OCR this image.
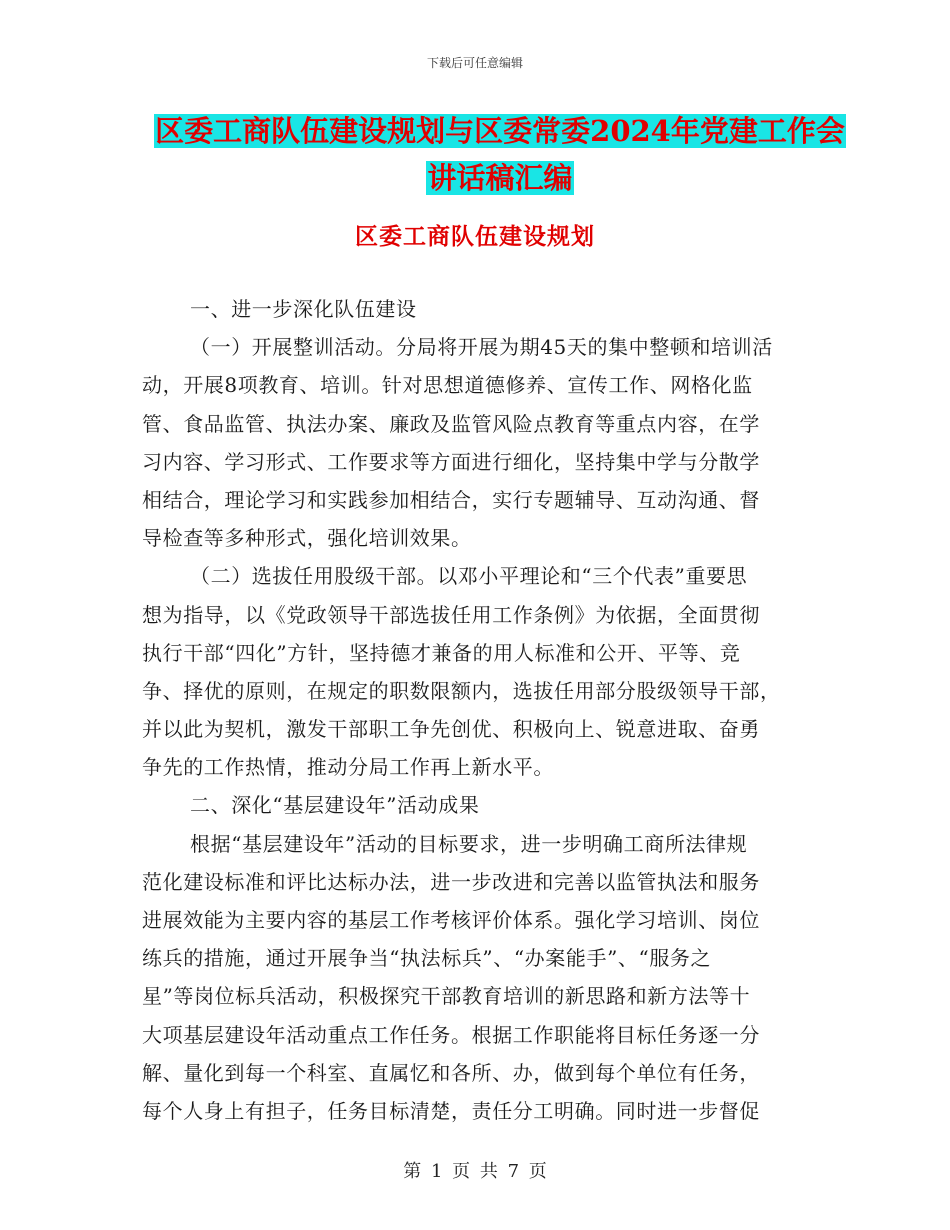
下载后可任意编辑
区委工商队伍建设规划与区委常委2024年党建工作会
讲话稿汇编
区委工商队伍建设规划
一、进一步深化队伍建设
（一）开展整训活动。分局将开展为期45天的集中整顿和培训活
动，开展8项教育、培训。针对思想道德修养、宣传工作、网格化监
管、食品监管、执法办案、廉政及监管风险点教育等重点内容，在学
习内容、学习形式、工作要求等方面进行细化，坚持集中学与分散学
相结合，理论学习和实践参加相结合，实行专题辅导、互动沟通、督
导检查等多种形式，强化培训效果。
（二）选拔任用股级干部。以邓小平理论和“三个代表”重要思
想为指导，以《党政领导干部选拔任用工作条例》为依据，全面贯彻
执行干部“四化”方针，坚持德才兼备的用人标准和公开、平等、竞
争、择优的原则，在规定的职数限额内，选拔任用部分股级领导干部，
并以此为契机，激发干部职工争先创优、积极向上、锐意进取、奋勇
争先的工作热情，推动分局工作再上新水平。
二、深化“基层建设年”活动成果
根据“基层建设年”活动的目标要求，进一步明确工商所法律规
范化建设标准和评比达标办法，进一步改进和完善以监管执法和服务
进展效能为主要内容的基层工作考核评价体系。强化学习培训、岗位
练兵的措施，通过开展争当“执法标兵”、“办案能手”、“服务之
星”等岗位标兵活动，积极探究干部教育培训的新思路和新方法等十
大项基层建设年活动重点工作任务。根据工作职能将目标任务逐一分
解、量化到每一个科室、直属忆和各所、办，做到每个单位有任务，
每个人身上有担子，任务目标清楚，责任分工明确。同时进一步督促
第 1 页 共 7 页
